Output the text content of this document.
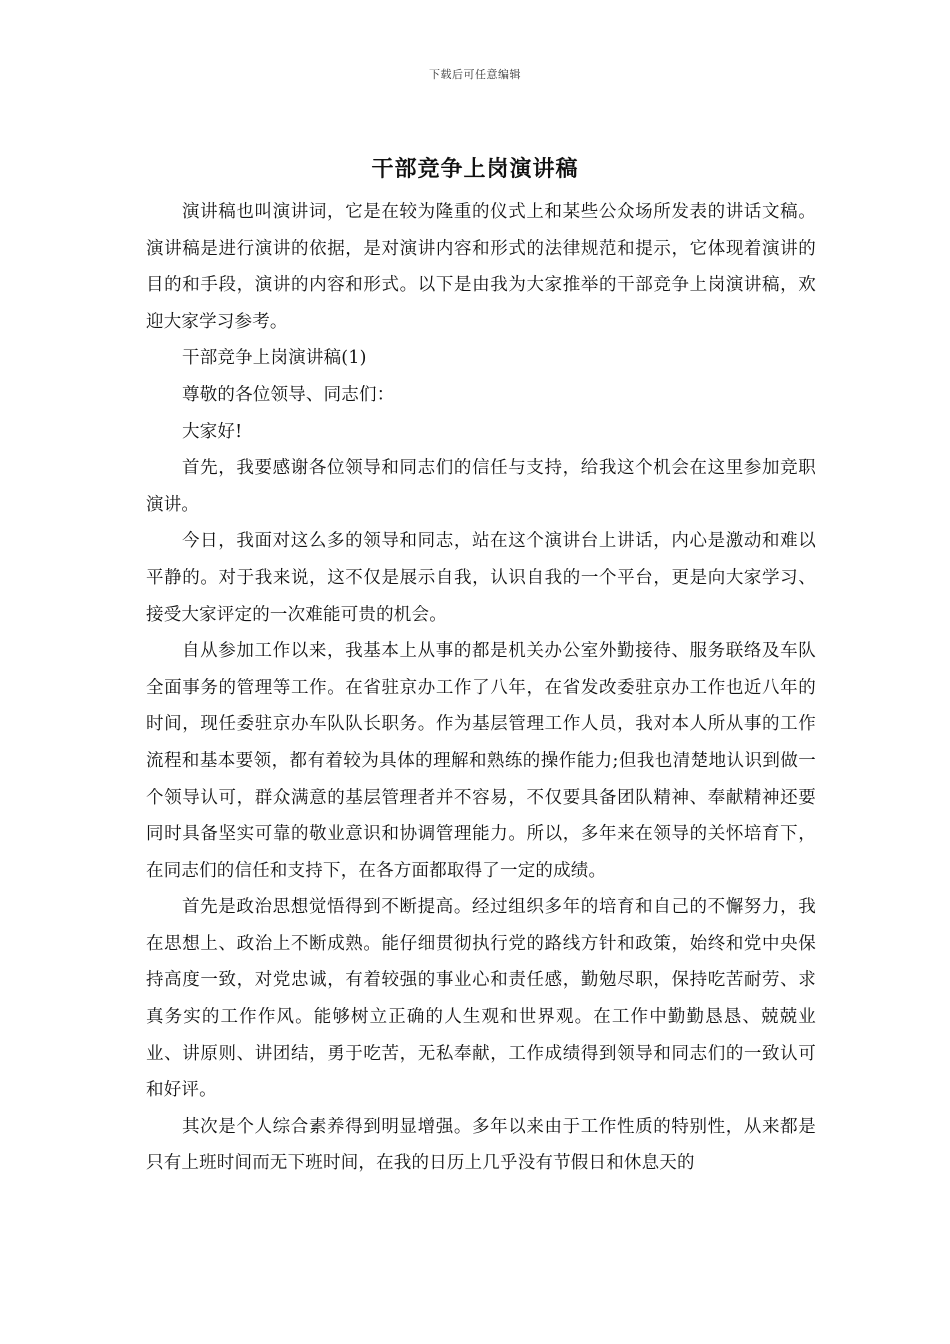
下载后可任意编辑
干部竞争上岗演讲稿

演讲稿也叫演讲词，它是在较为隆重的仪式上和某些公众场所发表的讲话文稿。演讲稿是进行演讲的依据，是对演讲内容和形式的法律规范和提示，它体现着演讲的目的和手段，演讲的内容和形式。以下是由我为大家推举的干部竞争上岗演讲稿，欢迎大家学习参考。

干部竞争上岗演讲稿(1)

尊敬的各位领导、同志们：

大家好!

首先，我要感谢各位领导和同志们的信任与支持，给我这个机会在这里参加竞职演讲。

今日，我面对这么多的领导和同志，站在这个演讲台上讲话，内心是激动和难以平静的。对于我来说，这不仅是展示自我，认识自我的一个平台，更是向大家学习、接受大家评定的一次难能可贵的机会。

自从参加工作以来，我基本上从事的都是机关办公室外勤接待、服务联络及车队全面事务的管理等工作。在省驻京办工作了八年，在省发改委驻京办工作也近八年的时间，现任委驻京办车队队长职务。作为基层管理工作人员，我对本人所从事的工作流程和基本要领，都有着较为具体的理解和熟练的操作能力;但我也清楚地认识到做一个领导认可，群众满意的基层管理者并不容易，不仅要具备团队精神、奉献精神还要同时具备坚实可靠的敬业意识和协调管理能力。所以，多年来在领导的关怀培育下，在同志们的信任和支持下，在各方面都取得了一定的成绩。

首先是政治思想觉悟得到不断提高。经过组织多年的培育和自己的不懈努力，我在思想上、政治上不断成熟。能仔细贯彻执行党的路线方针和政策，始终和党中央保持高度一致，对党忠诚，有着较强的事业心和责任感，勤勉尽职，保持吃苦耐劳、求真务实的工作作风。能够树立正确的人生观和世界观。在工作中勤勤恳恳、兢兢业业、讲原则、讲团结，勇于吃苦，无私奉献，工作成绩得到领导和同志们的一致认可和好评。

其次是个人综合素养得到明显增强。多年以来由于工作性质的特别性，从来都是只有上班时间而无下班时间，在我的日历上几乎没有节假日和休息天的
